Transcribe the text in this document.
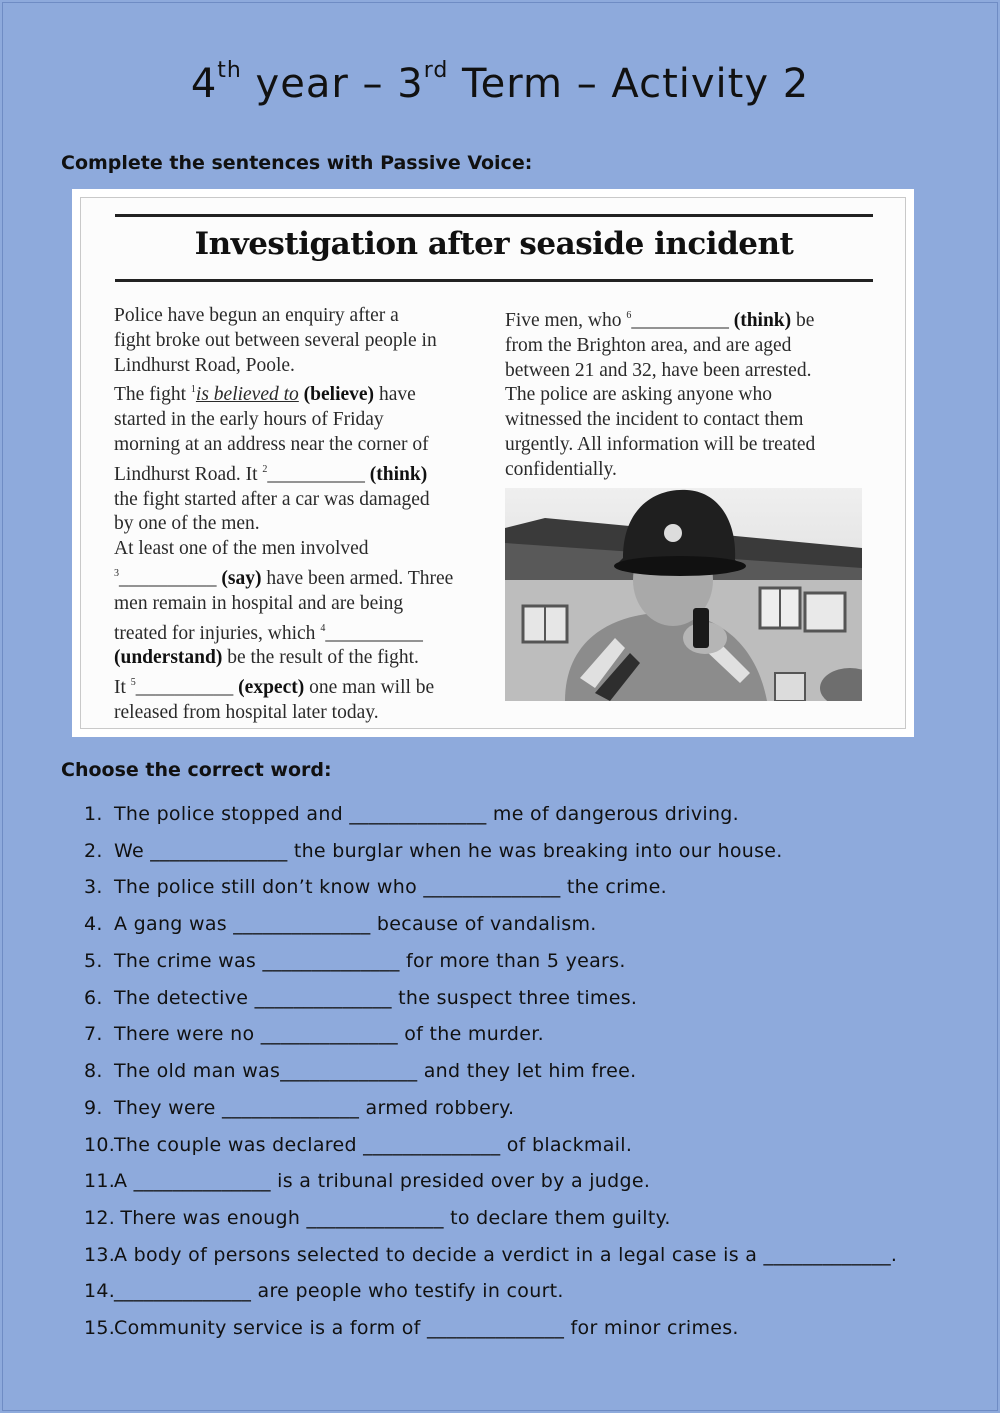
4th year – 3rd Term – Activity 2
Complete the sentences with Passive Voice:
Investigation after seaside incident
Police have begun an enquiry after a
fight broke out between several people in
Lindhurst Road, Poole.
The fight $^1$is believed to (believe) have
started in the early hours of Friday
morning at an address near the corner of
Lindhurst Road. It $^2$__________ (think)
the fight started after a car was damaged
by one of the men.
At least one of the men involved
$^3$__________ (say) have been armed. Three
men remain in hospital and are being
treated for injuries, which $^4$__________
(understand) be the result of the fight.
It $^5$__________ (expect) one man will be
released from hospital later today.
Five men, who $^6$__________ (think) be
from the Brighton area, and are aged
between 21 and 32, have been arrested.
The police are asking anyone who
witnessed the incident to contact them
urgently. All information will be treated
confidentially.
Choose the correct word:
1. The police stopped and ______________ me of dangerous driving.
2. We ______________ the burglar when he was breaking into our house.
3. The police still don’t know who ______________ the crime.
4. A gang was ______________ because of vandalism.
5. The crime was ______________ for more than 5 years.
6. The detective ______________ the suspect three times.
7. There were no ______________ of the murder.
8. The old man was______________ and they let him free.
9. They were ______________ armed robbery.
10.The couple was declared ______________ of blackmail.
11.A ______________ is a tribunal presided over by a judge.
12. There was enough ______________ to declare them guilty.
13.A body of persons selected to decide a verdict in a legal case is a _____________.
14.______________ are people who testify in court.
15.Community service is a form of ______________ for minor crimes.
